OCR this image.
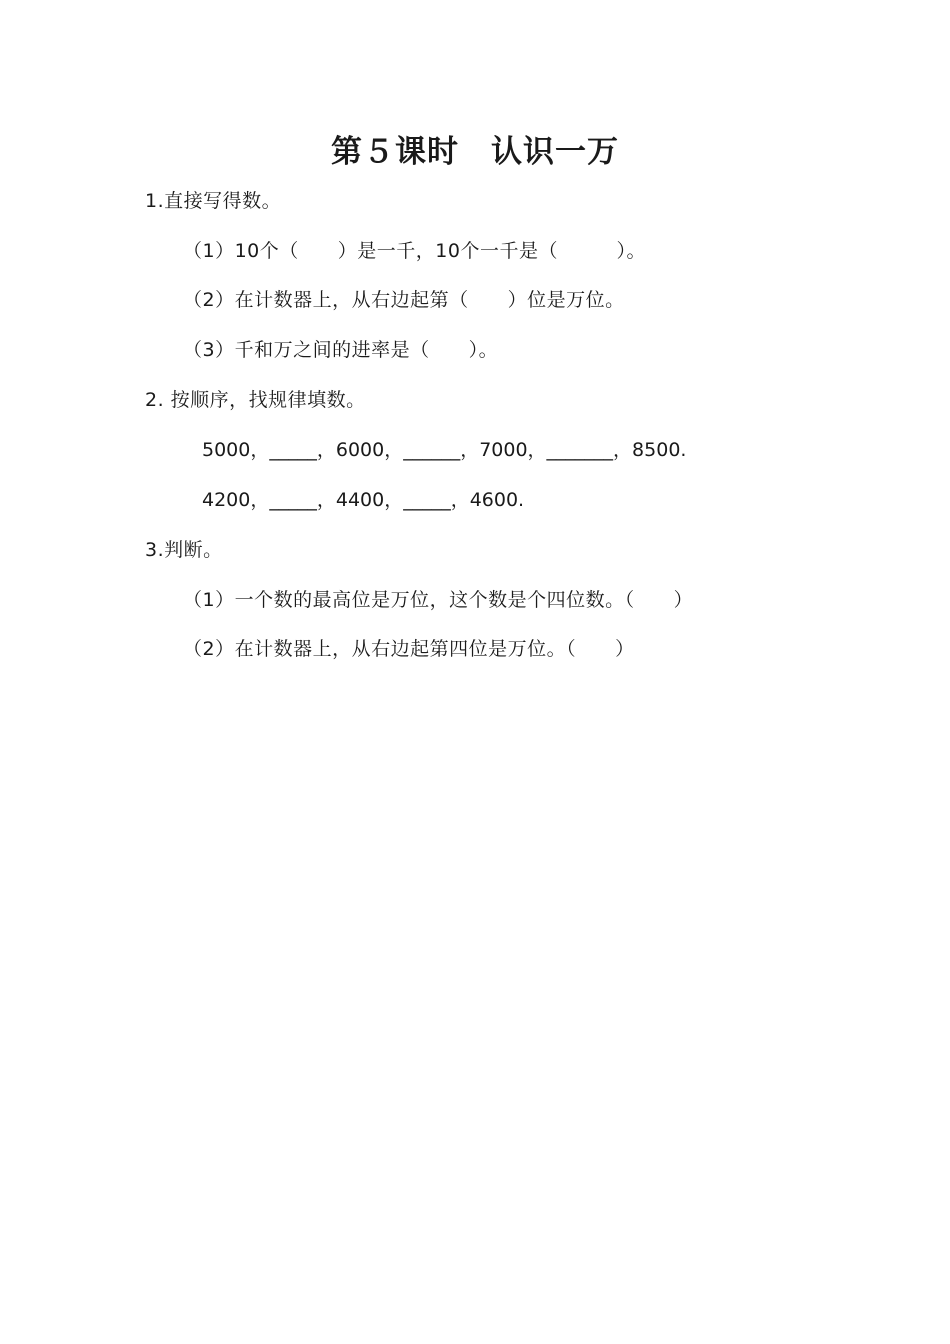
第５课时　认识一万
1.直接写得数。
（1）10个（　　）是一千，10个一千是（　　　）。
（2）在计数器上，从右边起第（　　）位是万位。
（3）千和万之间的进率是（　　）。
2. 按顺序，找规律填数。
5000，_____，6000，______，7000，_______，8500.
4200，_____，4400，_____，4600.
3.判断。
（1）一个数的最高位是万位，这个数是个四位数。（　　）
（2）在计数器上，从右边起第四位是万位。（　　）
